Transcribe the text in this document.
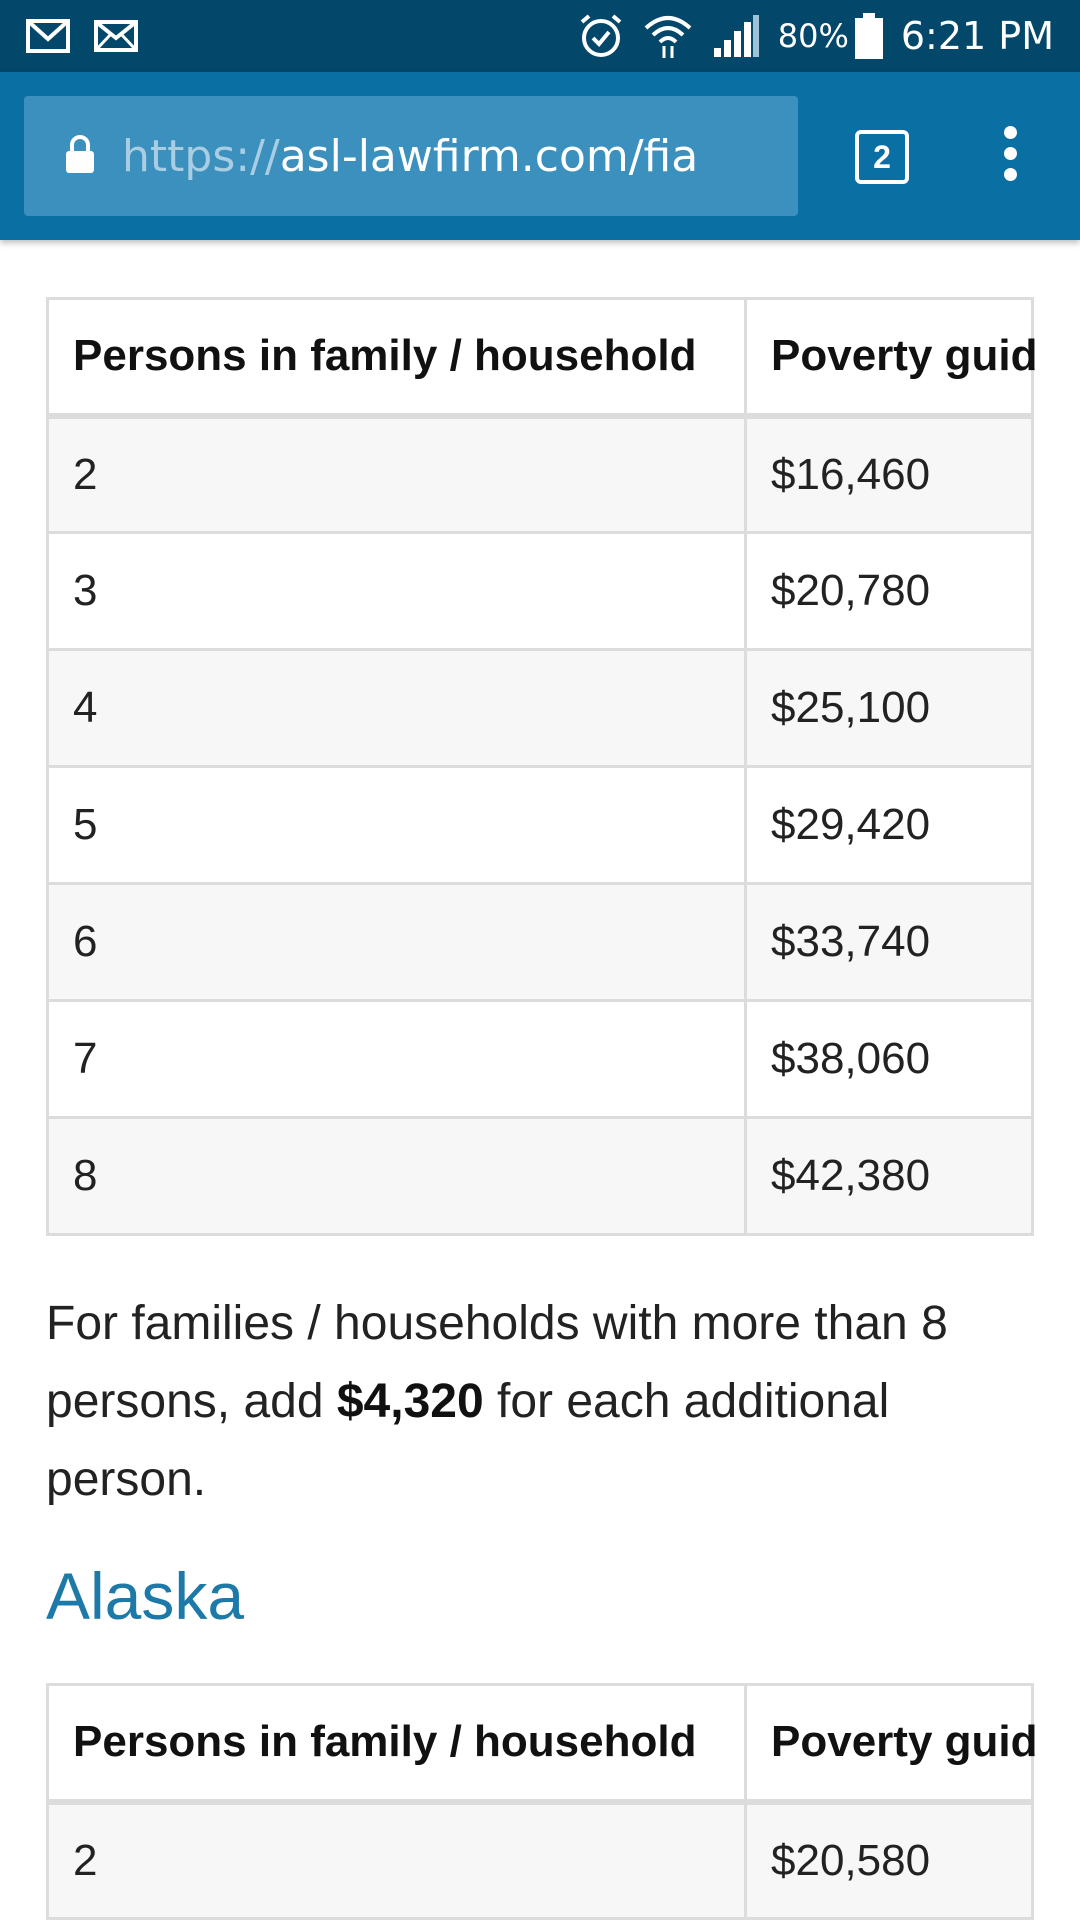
80% 6:21 PM
https://asl-lawfirm.com/fia	2
Persons in family / household	Poverty guid
2	$16,460
3	$20,780
4	$25,100
5	$29,420
6	$33,740
7	$38,060
8	$42,380

For families / households with more than 8 persons, add $4,320 for each additional person.

Alaska
Persons in family / household	Poverty guid
2	$20,580
